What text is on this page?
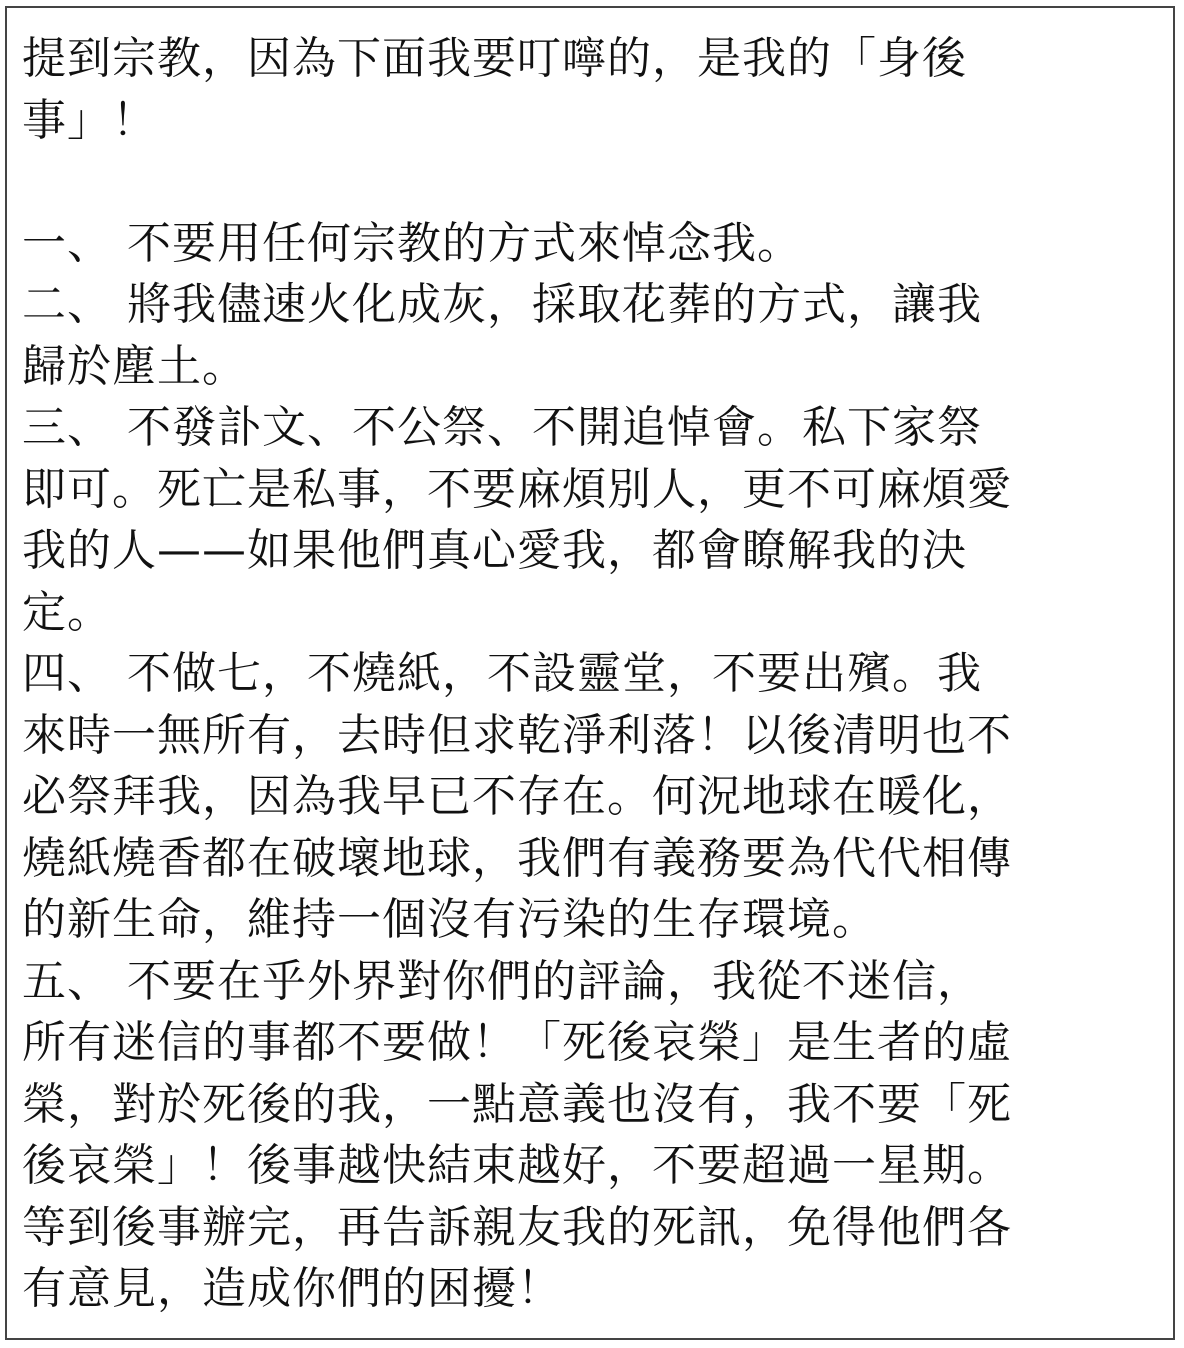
提到宗教，因為下面我要叮嚀的，是我的「身後
事」！
一、 不要用任何宗教的方式來悼念我。
二、 將我儘速火化成灰，採取花葬的方式，讓我
歸於塵土。
三、 不發訃文、不公祭、不開追悼會。私下家祭
即可。死亡是私事，不要麻煩別人，更不可麻煩愛
我的人——如果他們真心愛我，都會瞭解我的決
定。
四、 不做七，不燒紙，不設靈堂，不要出殯。我
來時一無所有，去時但求乾淨利落！以後清明也不
必祭拜我，因為我早已不存在。何況地球在暖化，
燒紙燒香都在破壞地球，我們有義務要為代代相傳
的新生命，維持一個沒有污染的生存環境。
五、 不要在乎外界對你們的評論，我從不迷信，
所有迷信的事都不要做！「死後哀榮」是生者的虛
榮，對於死後的我，一點意義也沒有，我不要「死
後哀榮」！後事越快結束越好，不要超過一星期。
等到後事辦完，再告訴親友我的死訊，免得他們各
有意見，造成你們的困擾！
